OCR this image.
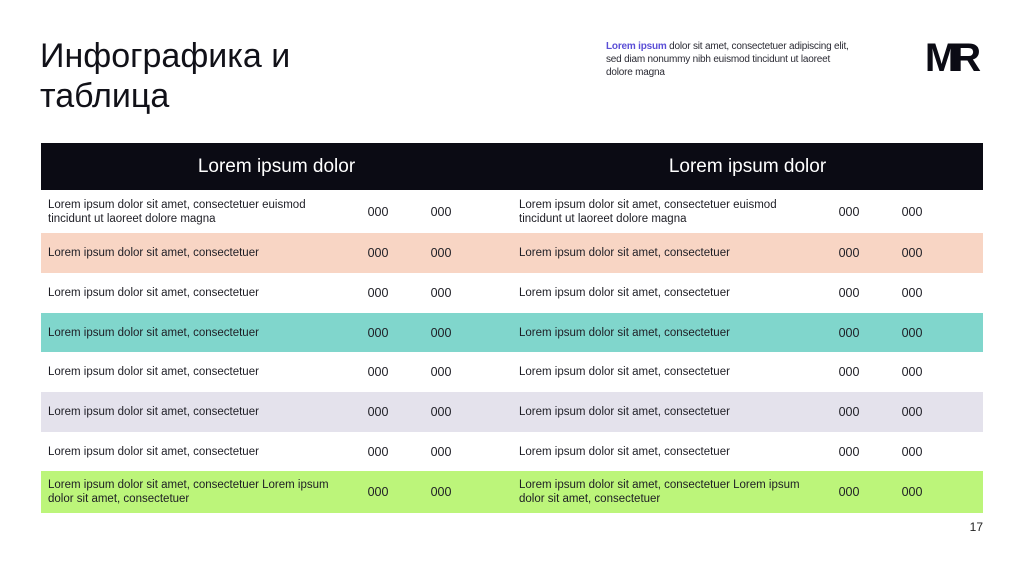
Инфографика и таблица
Lorem ipsum dolor sit amet, consectetuer adipiscing elit, sed diam nonummy nibh euismod tincidunt ut laoreet dolore magna	MR
Lorem ipsum dolor	Lorem ipsum dolor
Lorem ipsum dolor sit amet, consectetuer euismod tincidunt ut laoreet dolore magna	000	000	Lorem ipsum dolor sit amet, consectetuer euismod tincidunt ut laoreet dolore magna	000	000
Lorem ipsum dolor sit amet, consectetuer	000	000	Lorem ipsum dolor sit amet, consectetuer	000	000
Lorem ipsum dolor sit amet, consectetuer	000	000	Lorem ipsum dolor sit amet, consectetuer	000	000
Lorem ipsum dolor sit amet, consectetuer	000	000	Lorem ipsum dolor sit amet, consectetuer	000	000
Lorem ipsum dolor sit amet, consectetuer	000	000	Lorem ipsum dolor sit amet, consectetuer	000	000
Lorem ipsum dolor sit amet, consectetuer	000	000	Lorem ipsum dolor sit amet, consectetuer	000	000
Lorem ipsum dolor sit amet, consectetuer	000	000	Lorem ipsum dolor sit amet, consectetuer	000	000
Lorem ipsum dolor sit amet, consectetuer Lorem ipsum dolor sit amet, consectetuer	000	000	Lorem ipsum dolor sit amet, consectetuer Lorem ipsum dolor sit amet, consectetuer	000	000
17
